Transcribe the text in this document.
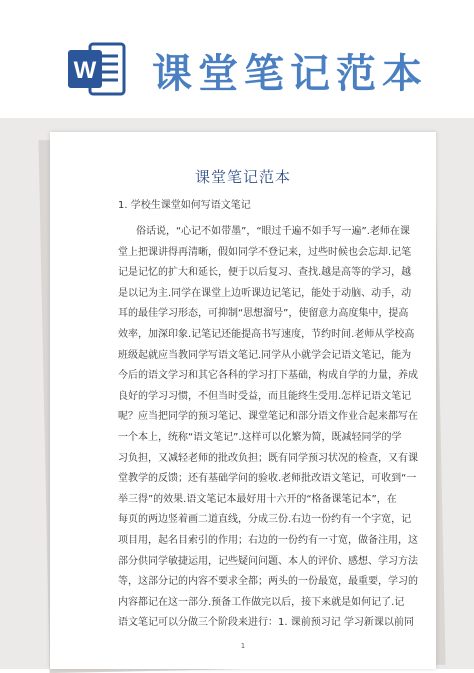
W 课堂笔记范本
课堂笔记范本
1. 学校生课堂如何写语文笔记
俗话说，“心记不如带墨”，“眼过千遍不如手写一遍”.老师在课
堂上把课讲得再清晰，假如同学不登记来，过些时候也会忘却.记笔
记是记忆的扩大和延长，便于以后复习、查找.越是高等的学习，越
是以记为主.同学在课堂上边听课边记笔记，能处于动脑、动手，动
耳的最佳学习形态，可抑制“思想溜号”，使留意力高度集中，提高
效率，加深印象.记笔记还能提高书写速度，节约时间.老师从学校高
班级起就应当教同学写语文笔记.同学从小就学会记语文笔记，能为
今后的语文学习和其它各科的学习打下基础，构成自学的力量，养成
良好的学习习惯，不但当时受益，而且能终生受用.怎样记语文笔记
呢？应当把同学的预习笔记、课堂笔记和部分语文作业合起来都写在
一个本上，统称“语文笔记”.这样可以化繁为简，既减轻同学的学
习负担，又减轻老师的批改负担；既有同学预习状况的检查，又有课
堂教学的反馈；还有基础学问的验收.老师批改语文笔记，可收到“一
举三得”的效果.语文笔记本最好用十六开的“格备课笔记本”，在
每页的两边竖着画二道直线，分成三份.右边一份约有一个字宽，记
项目用，起名目索引的作用；右边的一份约有一寸宽，做备注用，这
部分供同学敏捷运用，记些疑问问题、本人的评价、感想、学习方法
等，这部分记的内容不要求全都；两头的一份最宽，最重要，学习的
内容都记在这一部分.预备工作做完以后，接下来就是如何记了.记
语文笔记可以分做三个阶段来进行：1. 课前预习记 学习新课以前同
1
